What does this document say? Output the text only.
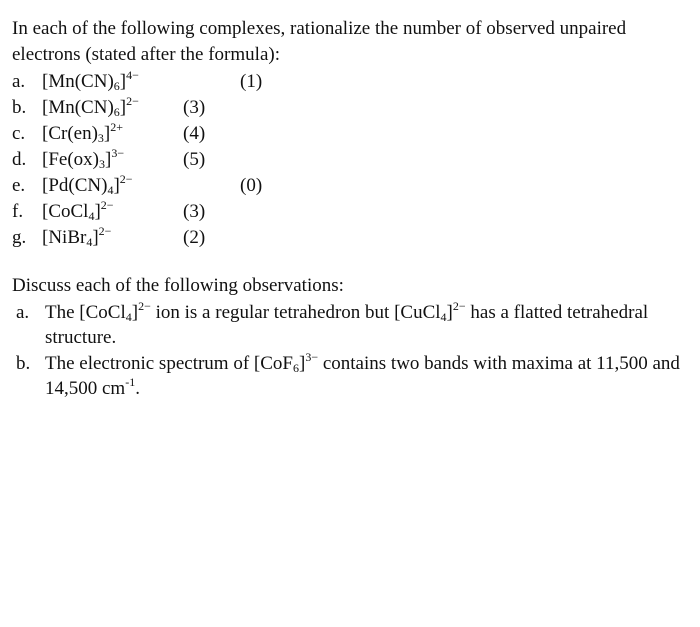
In each of the following complexes, rationalize the number of observed unpaired
electrons (stated after the formula):
a. $[Mn(CN)_6]^{4-}$	(1)
b. $[Mn(CN)_6]^{2-}$ (3)
c. $[Cr(en)_3]^{2+}$	(4)
d. $[Fe(ox)_3]^{3-}$	(5)
e. $[Pd(CN)_4]^{2-}$	(0)
f. [CoCl$_4$]$^{2-}$	(3)
g. [NiBr$_4$]$^{2-}$	(2)
Discuss each of the following observations:
a. The [CoCl$_4$]$^{2-}$ ion is a regular tetrahedron but [CuCl$_4$]$^{2-}$ has a flatted tetrahedral
structure.
b. The electronic spectrum of $[CoF_6]^{3-}$ contains two bands with maxima at 11,500 and
14,500 $cm^{-1}$.
